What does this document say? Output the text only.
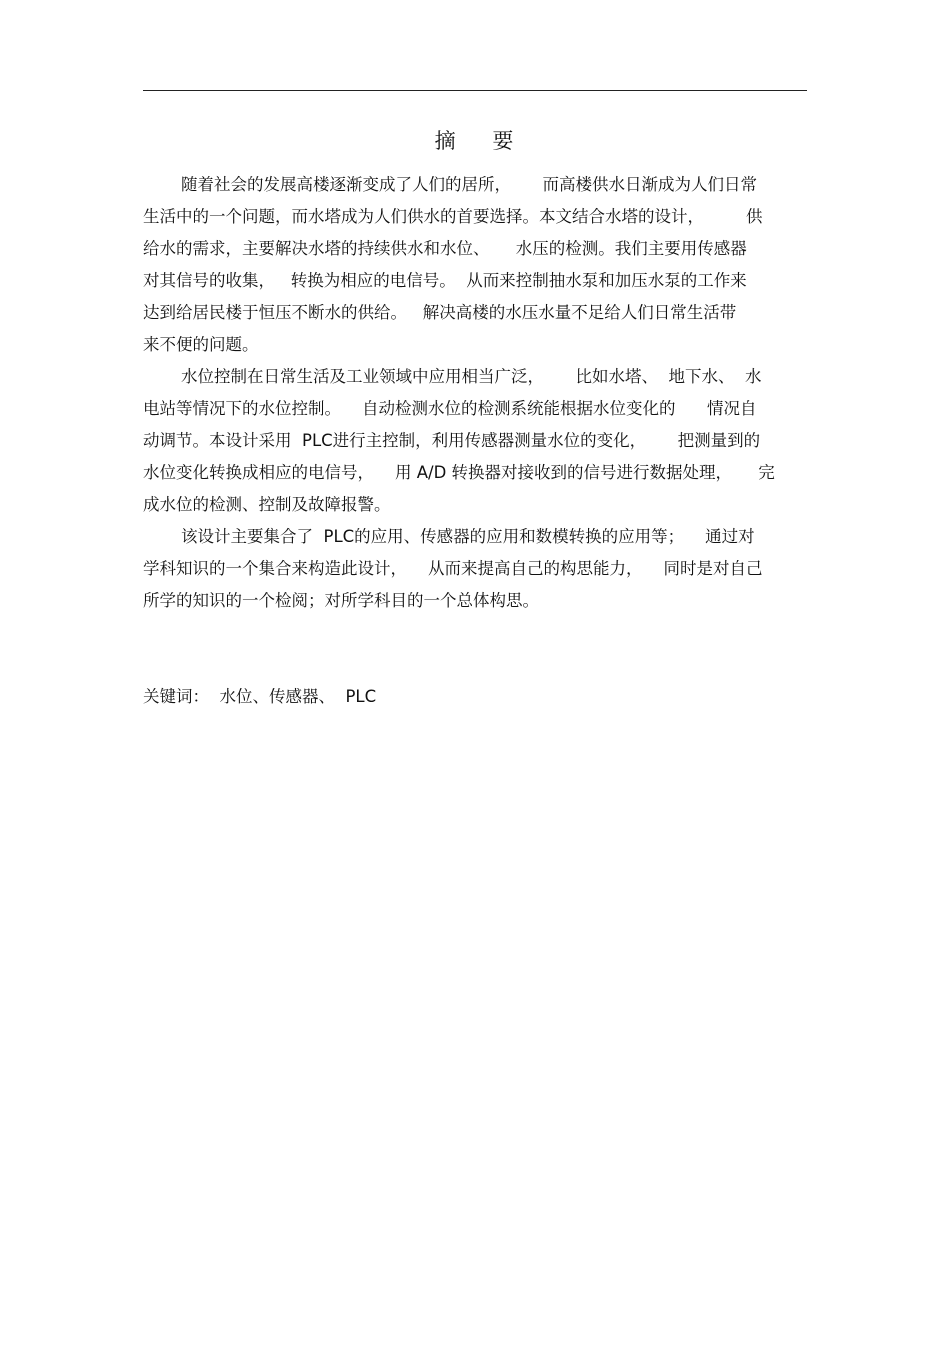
摘    要
随着社会的发展高楼逐渐变成了人们的居所，      而高楼供水日渐成为人们日常
生活中的一个问题，而水塔成为人们供水的首要选择。本文结合水塔的设计，        供
给水的需求，主要解决水塔的持续供水和水位、     水压的检测。我们主要用传感器
对其信号的收集，   转换为相应的电信号。  从而来控制抽水泵和加压水泵的工作来
达到给居民楼于恒压不断水的供给。   解决高楼的水压水量不足给人们日常生活带
来不便的问题。
水位控制在日常生活及工业领域中应用相当广泛，      比如水塔、  地下水、  水
电站等情况下的水位控制。    自动检测水位的检测系统能根据水位变化的      情况自
动调节。本设计采用  PLC进行主控制，利用传感器测量水位的变化，      把测量到的
水位变化转换成相应的电信号，    用 A/D 转换器对接收到的信号进行数据处理，     完
成水位的检测、控制及故障报警。
该设计主要集合了  PLC的应用、传感器的应用和数模转换的应用等；    通过对
学科知识的一个集合来构造此设计，    从而来提高自己的构思能力，    同时是对自己
所学的知识的一个检阅；对所学科目的一个总体构思。
关键词：  水位、传感器、  PLC
